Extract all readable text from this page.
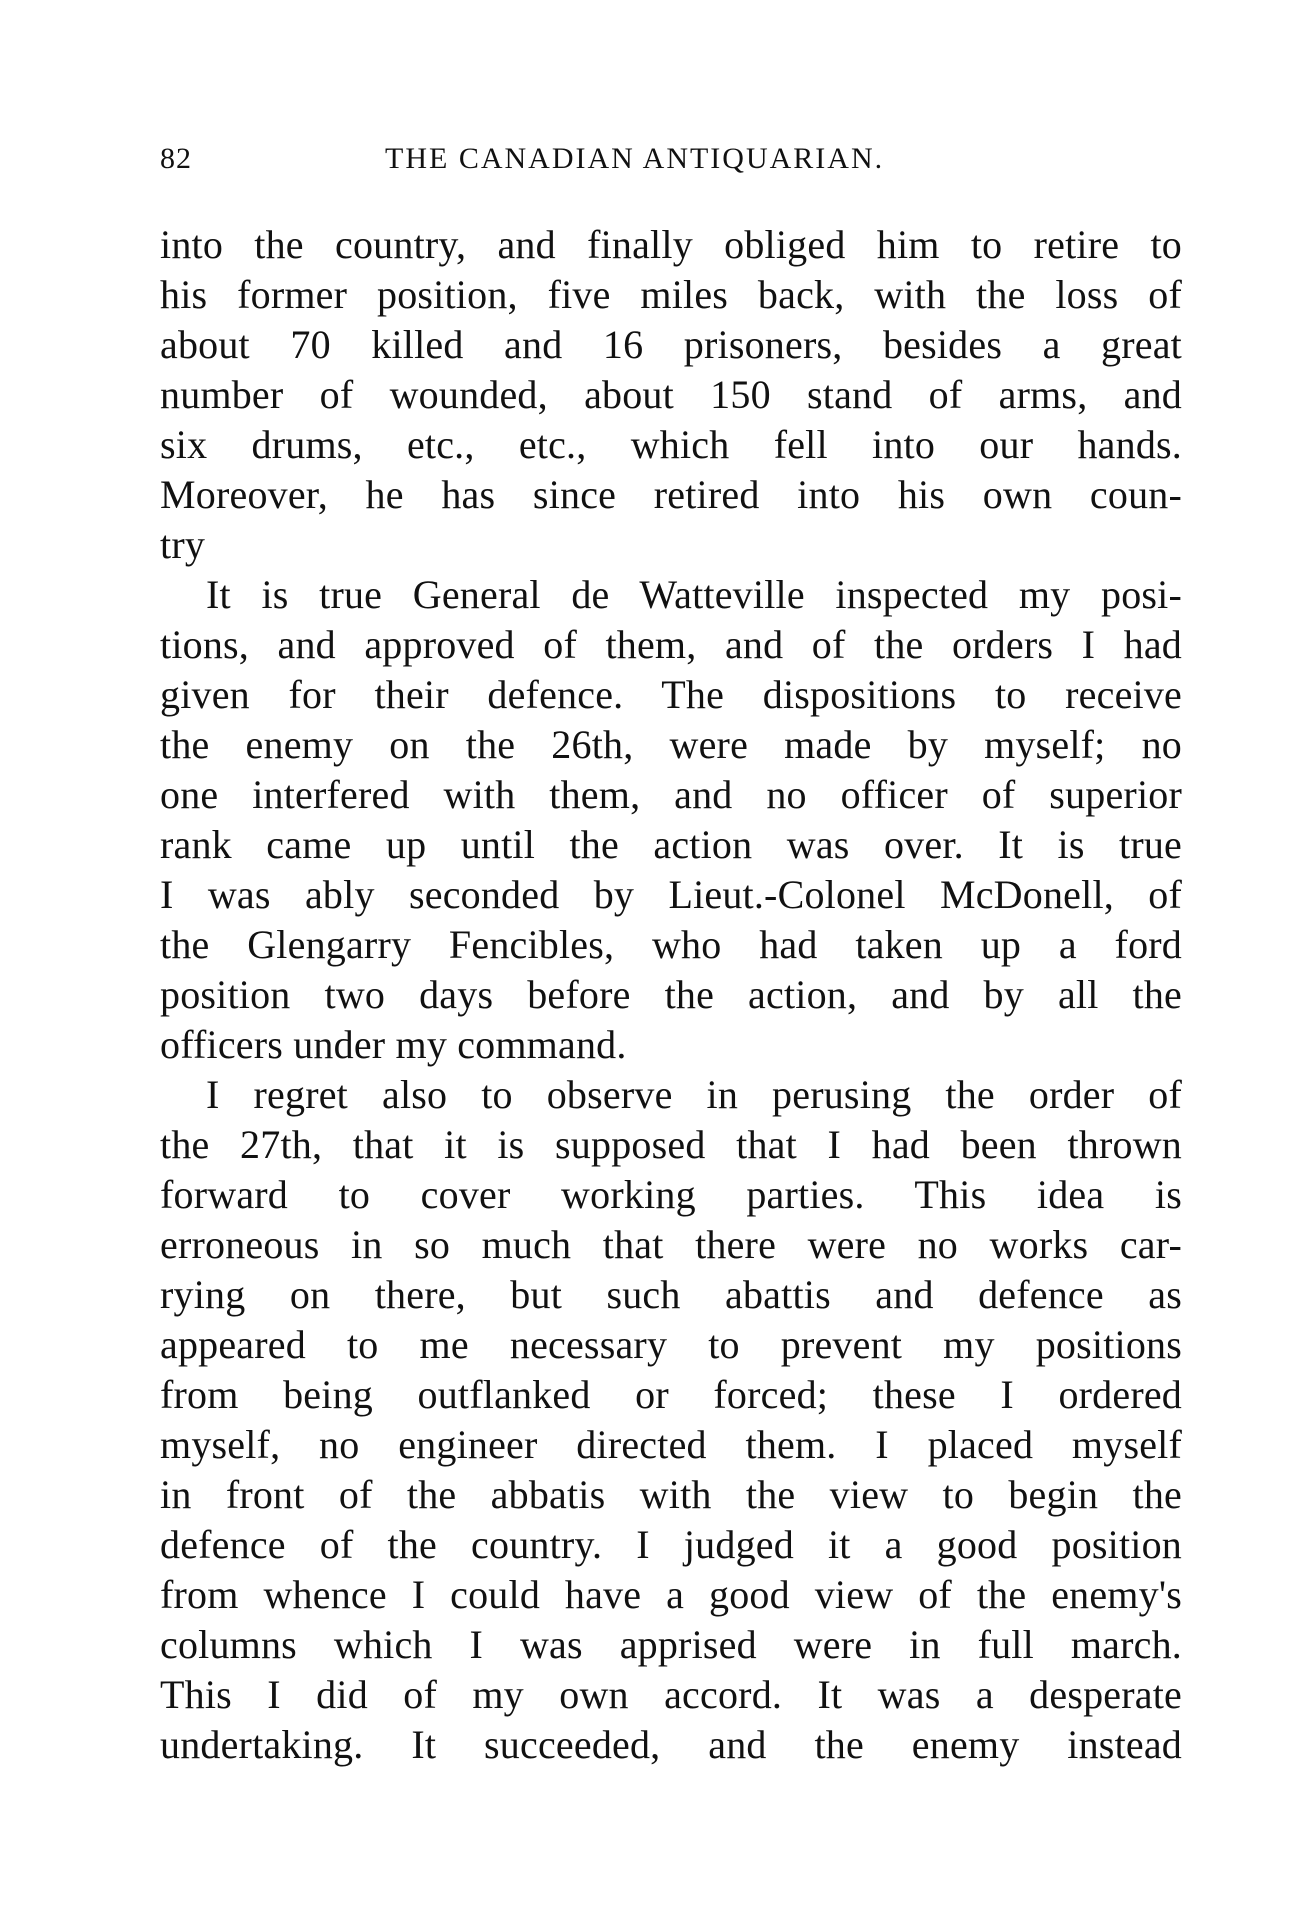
82	THE CANADIAN ANTIQUARIAN.
into the country, and finally obliged him to retire to
his former position, five miles back, with the loss of
about 70 killed and 16 prisoners, besides a great
number of wounded, about 150 stand of arms, and
six drums, etc., etc., which fell into our hands.
Moreover, he has since retired into his own coun-
try
It is true General de Watteville inspected my posi-
tions, and approved of them, and of the orders I had
given for their defence. The dispositions to receive
the enemy on the 26th, were made by myself; no
one interfered with them, and no officer of superior
rank came up until the action was over. It is true
I was ably seconded by Lieut.-Colonel McDonell, of
the Glengarry Fencibles, who had taken up a ford
position two days before the action, and by all the
officers under my command.
I regret also to observe in perusing the order of
the 27th, that it is supposed that I had been thrown
forward to cover working parties. This idea is
erroneous in so much that there were no works car-
rying on there, but such abattis and defence as
appeared to me necessary to prevent my positions
from being outflanked or forced; these I ordered
myself, no engineer directed them. I placed myself
in front of the abbatis with the view to begin the
defence of the country. I judged it a good position
from whence I could have a good view of the enemy's
columns which I was apprised were in full march.
This I did of my own accord. It was a desperate
undertaking. It succeeded, and the enemy instead
